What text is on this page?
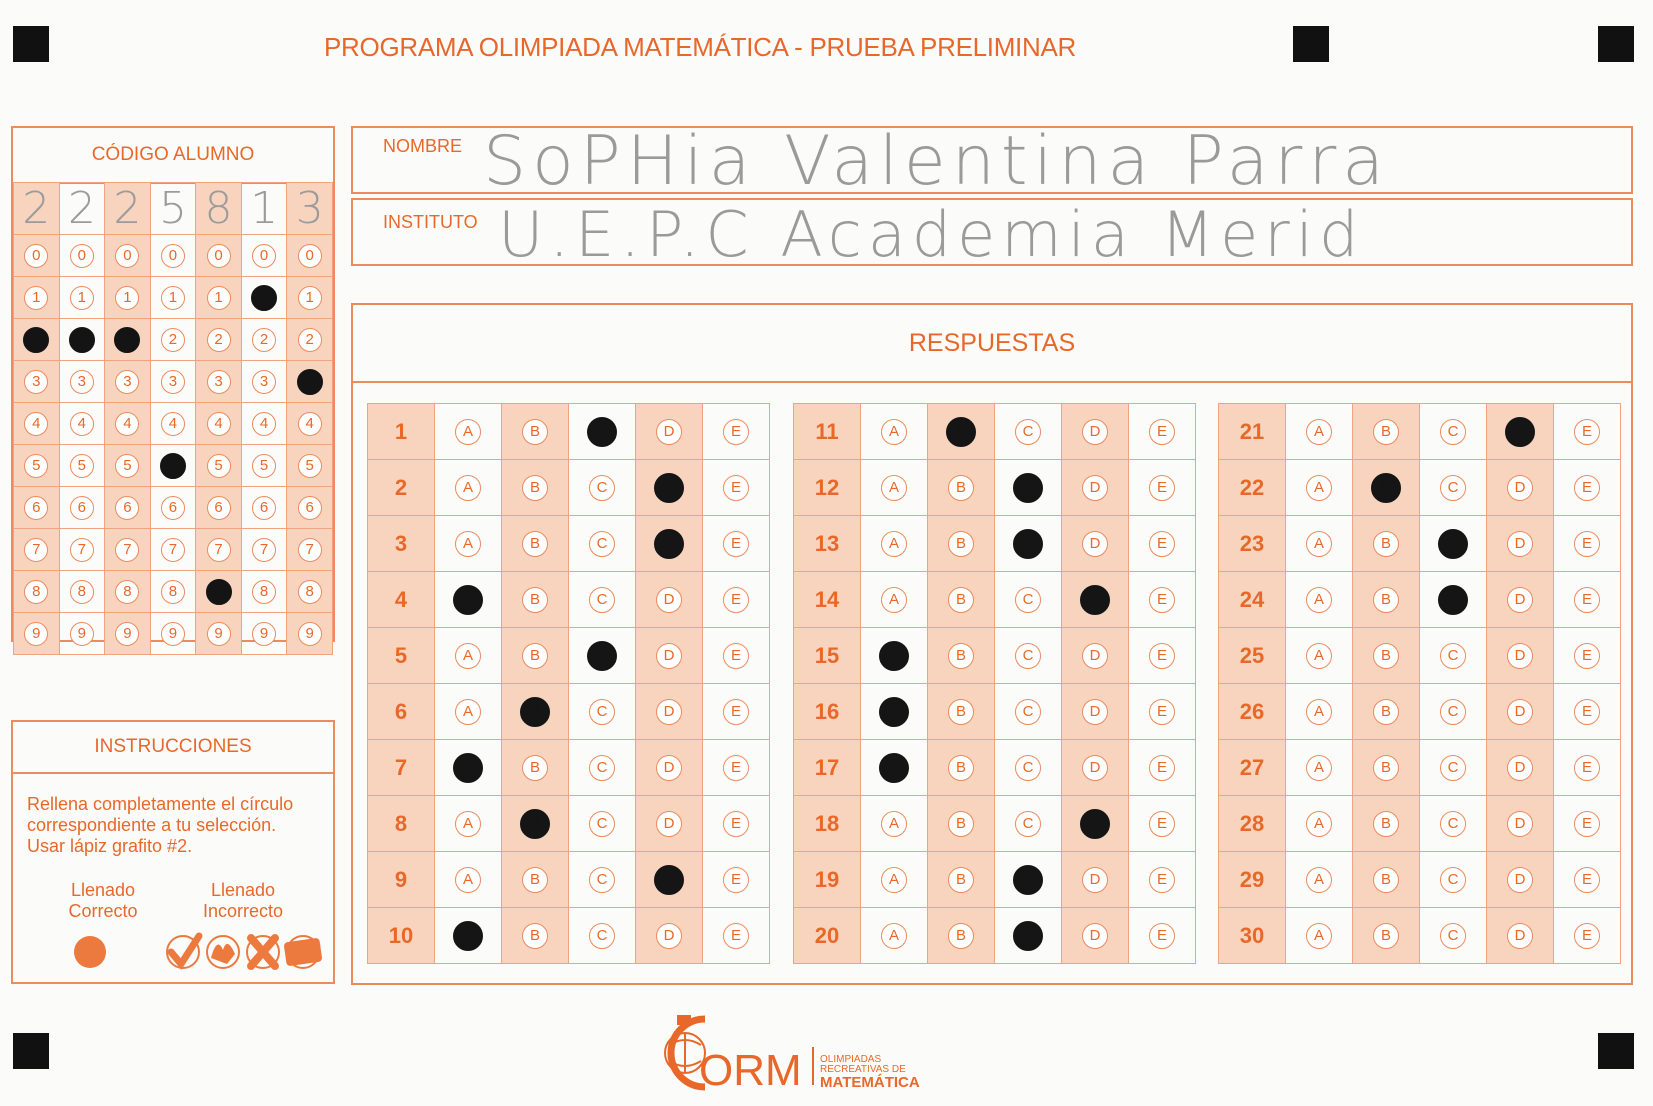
PROGRAMA OLIMPIADA MATEMÁTICA - PRUEBA PRELIMINAR
CÓDIGO ALUMNO
2	2	2	5	8	1	3
0	0	0	0	0	0	0
1	1	1	1	1	1	1
2	2	2	2	2	2	2
3	3	3	3	3	3	3
4	4	4	4	4	4	4
5	5	5	5	5	5	5
6	6	6	6	6	6	6
7	7	7	7	7	7	7
8	8	8	8	8	8	8
9	9	9	9	9	9	9
INSTRUCCIONES
Rellena completamente el círculo
correspondiente a tu selección.
Usar lápiz grafito #2.
Llenado
Correcto
Llenado
Incorrecto
NOMBRE SoPHia Valentina Parra
INSTITUTO U.E.P.C Academia Merid
RESPUESTAS
1	A	B	C	D	E
2	A	B	C	D	E
3	A	B	C	D	E
4	A	B	C	D	E
5	A	B	C	D	E
6	A	B	C	D	E
7	A	B	C	D	E
8	A	B	C	D	E
9	A	B	C	D	E
10	A	B	C	D	E
11	A	B	C	D	E
12	A	B	C	D	E
13	A	B	C	D	E
14	A	B	C	D	E
15	A	B	C	D	E
16	A	B	C	D	E
17	A	B	C	D	E
18	A	B	C	D	E
19	A	B	C	D	E
20	A	B	C	D	E
21	A	B	C	D	E
22	A	B	C	D	E
23	A	B	C	D	E
24	A	B	C	D	E
25	A	B	C	D	E
26	A	B	C	D	E
27	A	B	C	D	E
28	A	B	C	D	E
29	A	B	C	D	E
30	A	B	C	D	E
ORM OLIMPIADAS
RECREATIVAS DE
MATEMÁTICA
